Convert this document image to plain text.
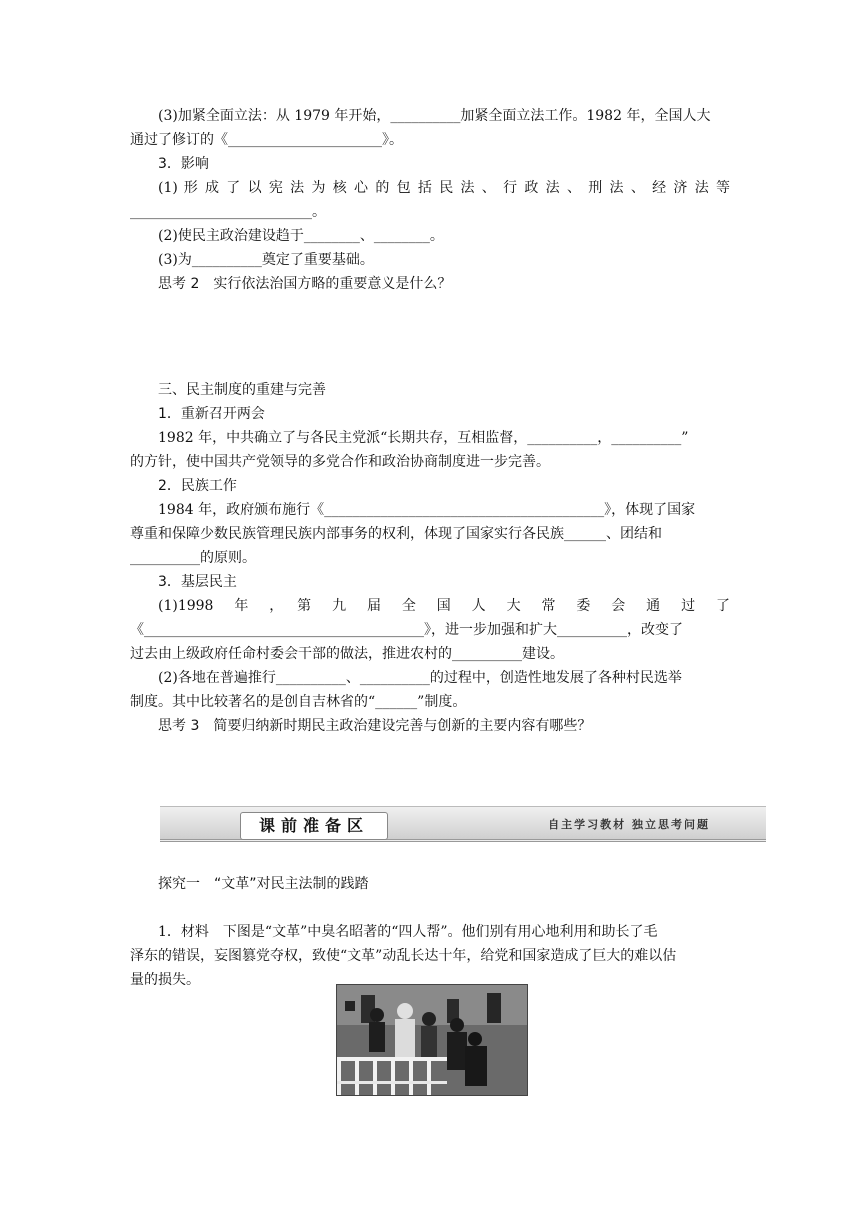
(3)加紧全面立法：从 1979 年开始，__________加紧全面立法工作。1982 年，全国人大
通过了修订的《______________________》。
3．影响
(1) 形 成 了 以 宪 法 为 核 心 的 包 括 民 法 、 行 政 法 、 刑 法 、 经 济 法 等
__________________________。
(2)使民主政治建设趋于________、________。
(3)为__________奠定了重要基础。
思考 2　实行依法治国方略的重要意义是什么？
三、民主制度的重建与完善
1．重新召开两会
1982 年，中共确立了与各民主党派“长期共存，互相监督，__________，__________”
的方针，使中国共产党领导的多党合作和政治协商制度进一步完善。
2．民族工作
1984 年，政府颁布施行《________________________________________》，体现了国家
尊重和保障少数民族管理民族内部事务的权利，体现了国家实行各民族______、团结和
__________的原则。
3．基层民主
(1)1998　年　，　第　九　届　全　国　人　大　常　委　会　通　过　了
《________________________________________》，进一步加强和扩大__________，改变了
过去由上级政府任命村委会干部的做法，推进农村的__________建设。
(2)各地在普遍推行__________、__________的过程中，创造性地发展了各种村民选举
制度。其中比较著名的是创自吉林省的“______”制度。
思考 3　简要归纳新时期民主政治建设完善与创新的主要内容有哪些？
课前准备区	自主学习教材 独立思考问题
探究一　“文革”对民主法制的践踏
1．材料　下图是“文革”中臭名昭著的“四人帮”。他们别有用心地利用和助长了毛
泽东的错误，妄图篡党夺权，致使“文革”动乱长达十年，给党和国家造成了巨大的难以估
量的损失。
